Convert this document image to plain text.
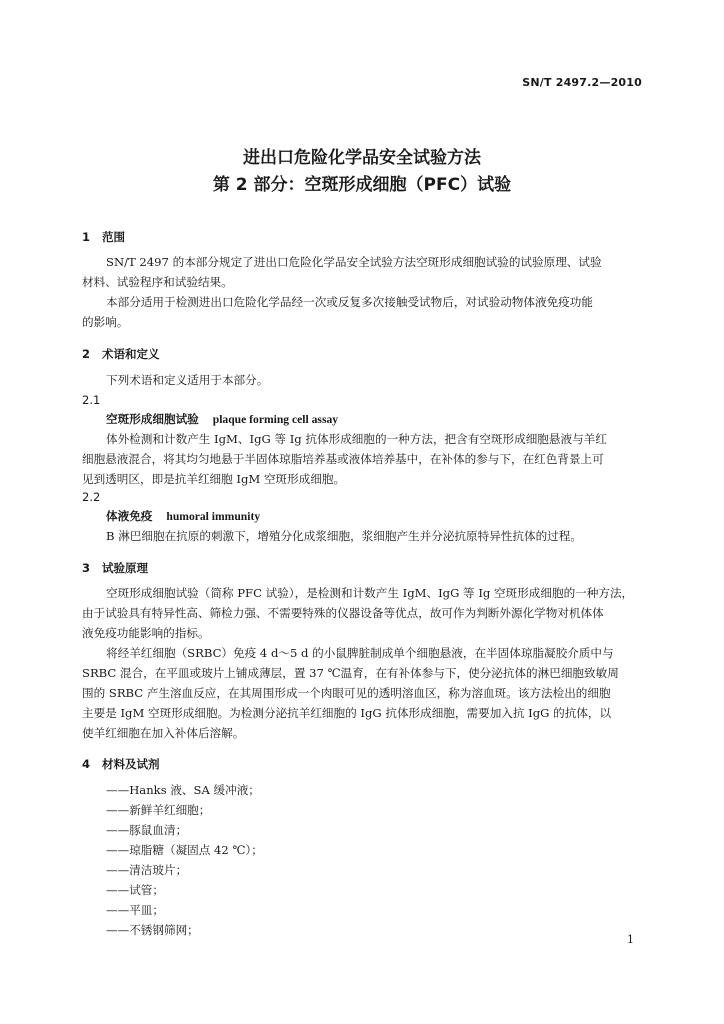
SN/T 2497.2—2010
进出口危险化学品安全试验方法
第 2 部分：空斑形成细胞（PFC）试验
1 范围
SN/T 2497 的本部分规定了进出口危险化学品安全试验方法空斑形成细胞试验的试验原理、试验
材料、试验程序和试验结果。
本部分适用于检测进出口危险化学品经一次或反复多次接触受试物后，对试验动物体液免疫功能
的影响。
2 术语和定义
下列术语和定义适用于本部分。
2.1
空斑形成细胞试验 plaque forming cell assay
体外检测和计数产生 IgM、IgG 等 Ig 抗体形成细胞的一种方法，把含有空斑形成细胞悬液与羊红
细胞悬液混合，将其均匀地悬于半固体琼脂培养基或液体培养基中，在补体的参与下，在红色背景上可
见到透明区，即是抗羊红细胞 IgM 空斑形成细胞。
2.2
体液免疫 humoral immunity
B 淋巴细胞在抗原的刺激下，增殖分化成浆细胞，浆细胞产生并分泌抗原特异性抗体的过程。
3 试验原理
空斑形成细胞试验（简称 PFC 试验），是检测和计数产生 IgM、IgG 等 Ig 空斑形成细胞的一种方法，
由于试验具有特异性高、筛检力强、不需要特殊的仪器设备等优点，故可作为判断外源化学物对机体体
液免疫功能影响的指标。
将经羊红细胞（SRBC）免疫 4 d～5 d 的小鼠脾脏制成单个细胞悬液，在半固体琼脂凝胶介质中与
SRBC 混合，在平皿或玻片上铺成薄层，置 37 ℃温育，在有补体参与下，使分泌抗体的淋巴细胞致敏周
围的 SRBC 产生溶血反应，在其周围形成一个肉眼可见的透明溶血区，称为溶血斑。该方法检出的细胞
主要是 IgM 空斑形成细胞。为检测分泌抗羊红细胞的 IgG 抗体形成细胞，需要加入抗 IgG 的抗体，以
使羊红细胞在加入补体后溶解。
4 材料及试剂
——Hanks 液、SA 缓冲液；
——新鲜羊红细胞；
——豚鼠血清；
——琼脂糖（凝固点 42 ℃）；
——清洁玻片；
——试管；
——平皿；
——不锈钢筛网；
1
